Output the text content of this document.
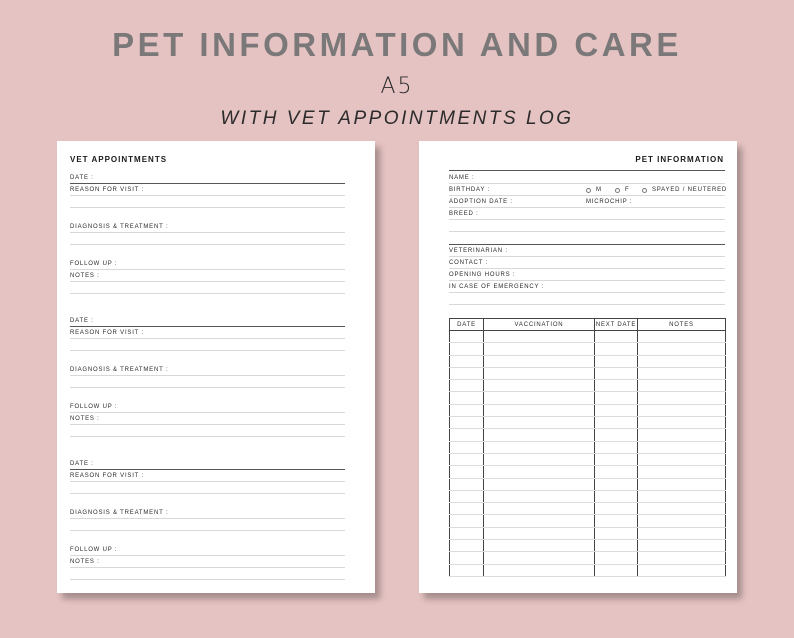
PET INFORMATION AND CARE
A5
WITH VET APPOINTMENTS LOG
VET APPOINTMENTS
DATE :
REASON FOR VISIT :
DIAGNOSIS & TREATMENT :
FOLLOW UP :
NOTES :
DATE :
REASON FOR VISIT :
DIAGNOSIS & TREATMENT :
FOLLOW UP :
NOTES :
DATE :
REASON FOR VISIT :
DIAGNOSIS & TREATMENT :
FOLLOW UP :
NOTES :
PET INFORMATION
NAME :
BIRTHDAY :	M	F	SPAYED / NEUTERED
ADOPTION DATE :	MICROCHIP :
BREED :
VETERINARIAN :
CONTACT :
OPENING HOURS :
IN CASE OF EMERGENCY :
DATE	VACCINATION	NEXT DATE	NOTES
